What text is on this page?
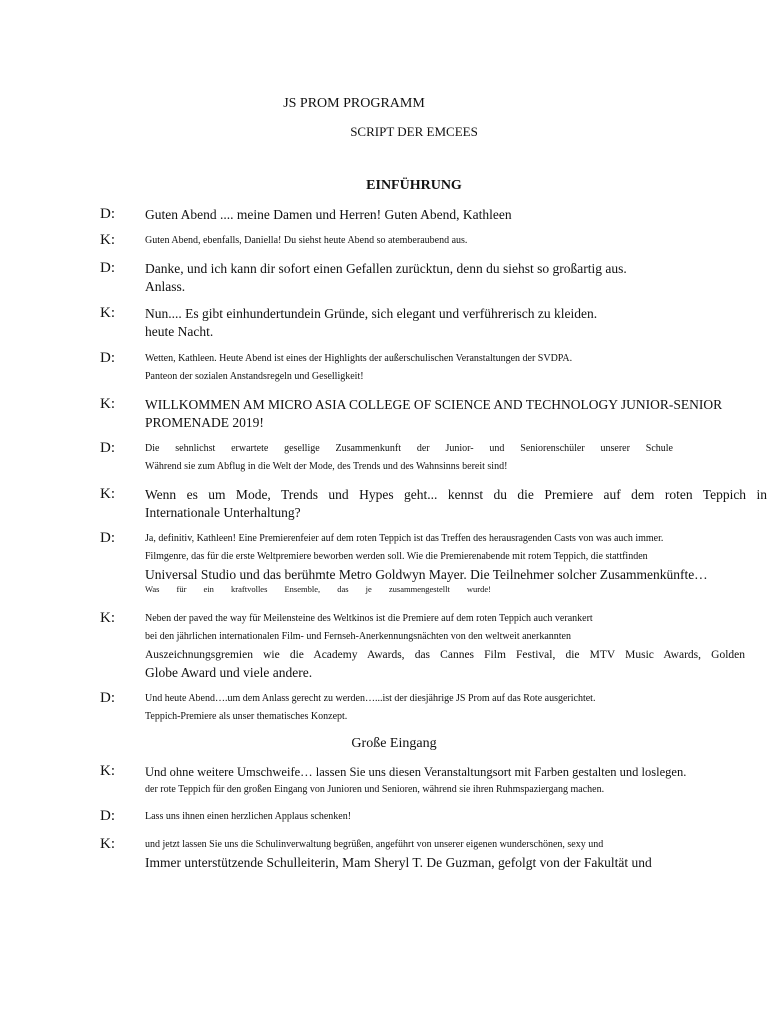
JS PROM PROGRAMM
SCRIPT DER EMCEES
EINFÜHRUNG
D: Guten Abend .... meine Damen und Herren! Guten Abend, Kathleen
K:	Guten Abend, ebenfalls, Daniella! Du siehst heute Abend so atemberaubend aus.
D: Danke, und ich kann dir sofort einen Gefallen zurücktun, denn du siehst so großartig aus.
Anlass.
K: Nun.... Es gibt einhundertundein Gründe, sich elegant und verführerisch zu kleiden.
heute Nacht.
D:	Wetten, Kathleen. Heute Abend ist eines der Highlights der außerschulischen Veranstaltungen der SVDPA.
Panteon der sozialen Anstandsregeln und Geselligkeit!
K: WILLKOMMEN AM MICRO ASIA COLLEGE OF SCIENCE AND TECHNOLOGY JUNIOR-SENIOR
PROMENADE 2019!
D:	Die sehnlichst erwartete gesellige Zusammenkunft der Junior- und Seniorenschüler unserer Schule
Während sie zum Abflug in die Welt der Mode, des Trends und des Wahnsinns bereit sind!
K: Wenn es um Mode, Trends und Hypes geht... kennst du die Premiere auf dem roten Teppich in
Internationale Unterhaltung?
D:	Ja, definitiv, Kathleen! Eine Premierenfeier auf dem roten Teppich ist das Treffen des herausragenden Casts von was auch immer.
Filmgenre, das für die erste Weltpremiere beworben werden soll. Wie die Premierenabende mit rotem Teppich, die stattfinden
Universal Studio und das berühmte Metro Goldwyn Mayer. Die Teilnehmer solcher Zusammenkünfte…
Was für ein kraftvolles Ensemble, das je zusammengestellt wurde!
K:	Neben der paved the way für Meilensteine des Weltkinos ist die Premiere auf dem roten Teppich auch verankert
bei den jährlichen internationalen Film- und Fernseh-Anerkennungsnächten von den weltweit anerkannten
Auszeichnungsgremien wie die Academy Awards, das Cannes Film Festival, die MTV Music Awards, Golden
Globe Award und viele andere.
D:	Und heute Abend….um dem Anlass gerecht zu werden…...ist der diesjährige JS Prom auf das Rote ausgerichtet.
Teppich-Premiere als unser thematisches Konzept.
Große Eingang
K: Und ohne weitere Umschweife… lassen Sie uns diesen Veranstaltungsort mit Farben gestalten und loslegen.
der rote Teppich für den großen Eingang von Junioren und Senioren, während sie ihren Ruhmspaziergang machen.
D:	Lass uns ihnen einen herzlichen Applaus schenken!
K:	und jetzt lassen Sie uns die Schulinverwaltung begrüßen, angeführt von unserer eigenen wunderschönen, sexy und
Immer unterstützende Schulleiterin, Mam Sheryl T. De Guzman, gefolgt von der Fakultät und
